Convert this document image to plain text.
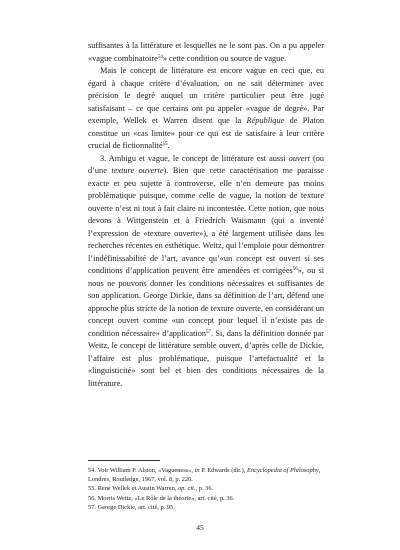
suffisantes à la littérature et lesquelles ne le sont pas. On a pu appeler «vague combinatoire$^{54}$» cette condition ou source de vague.

Mais le concept de littérature est encore vague en ceci que, eu égard à chaque critère d’évaluation, on ne sait déterminer avec précision le degré auquel un critère particulier peut être jugé satisfaisant – ce que certains ont pu appeler «vague de degré». Par exemple, Wellek et Warren disent que la République de Platon constitue un «cas limite» pour ce qui est de satisfaire à leur critère crucial de fictionnalité$^{55}$.

3. Ambigu et vague, le concept de littérature est aussi ouvert (ou d’une texture ouverte). Bien que cette caractérisation me paraisse exacte et peu sujette à controverse, elle n’en demeure pas moins problématique puisque, comme celle de vague, la notion de texture ouverte n’est ni tout à fait claire ni incontestée. Cette notion, que nous devons à Wittgenstein et à Friedrich Waismann (qui a inventé l’expression de «texture ouverte»), a été largement utilisée dans les recherches récentes en esthétique. Weitz, qui l’emploie pour démontrer l’indéfinissabilité de l’art, avance qu’«un concept est ouvert si ses conditions d’application peuvent être amendées et corrigées$^{56}$», ou si nous ne pouvons donner les conditions nécessaires et suffisantes de son application. George Dickie, dans sa définition de l’art, défend une approche plus stricte de la notion de texture ouverte, en considérant un concept ouvert comme «un concept pour lequel il n’existe pas de condition nécessaire» d’application$^{57}$. Si, dans la définition donnée par Weitz, le concept de littérature semble ouvert, d’après celle de Dickie, l’affaire est plus problématique, puisque l’artefactualité et la «linguisticité» sont bel et bien des conditions nécessaires de la littérature.

54. Voir William P. Alston, «Vagueness», in P. Edwards (dir.), Encyclopedia of Philosophy, Londres, Routledge, 1967, vol. 8, p. 220.

55. René Wellek et Austin Warren, op. cit., p. 36.

56. Morris Weitz, «Le Rôle de la théorie», art. cité, p. 36.

57. George Dickie, art. cité, p. 95.

45
